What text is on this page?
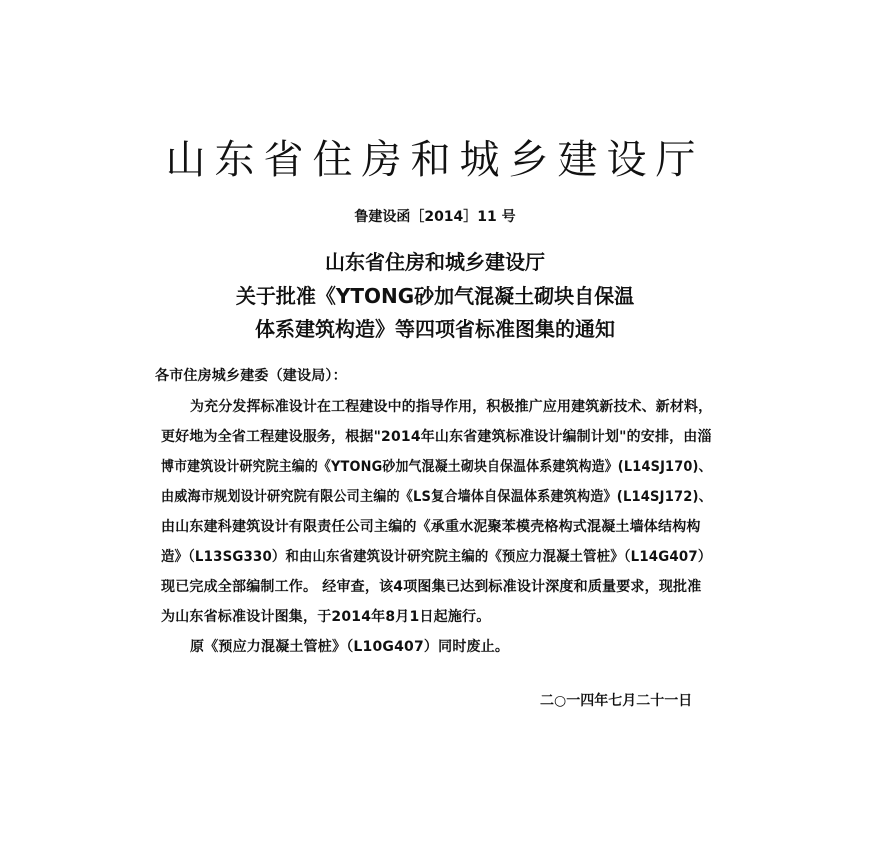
山东省住房和城乡建设厅
鲁建设函［2014］11 号
山东省住房和城乡建设厅
关于批准《YTONG砂加气混凝土砌块自保温
体系建筑构造》等四项省标准图集的通知
各市住房城乡建委（建设局）：
为充分发挥标准设计在工程建设中的指导作用，积极推广应用建筑新技术、新材料，
更好地为全省工程建设服务，根据"2014年山东省建筑标准设计编制计划"的安排，由淄
博市建筑设计研究院主编的《YTONG砂加气混凝土砌块自保温体系建筑构造》(L14SJ170)、
由威海市规划设计研究院有限公司主编的《LS复合墙体自保温体系建筑构造》(L14SJ172)、
由山东建科建筑设计有限责任公司主编的《承重水泥聚苯模壳格构式混凝土墙体结构构
造》（L13SG330）和由山东省建筑设计研究院主编的《预应力混凝土管桩》（L14G407）
现已完成全部编制工作。 经审查，该4项图集已达到标准设计深度和质量要求，现批准
为山东省标准设计图集，于2014年8月1日起施行。
原《预应力混凝土管桩》（L10G407）同时废止。
二○一四年七月二十一日
